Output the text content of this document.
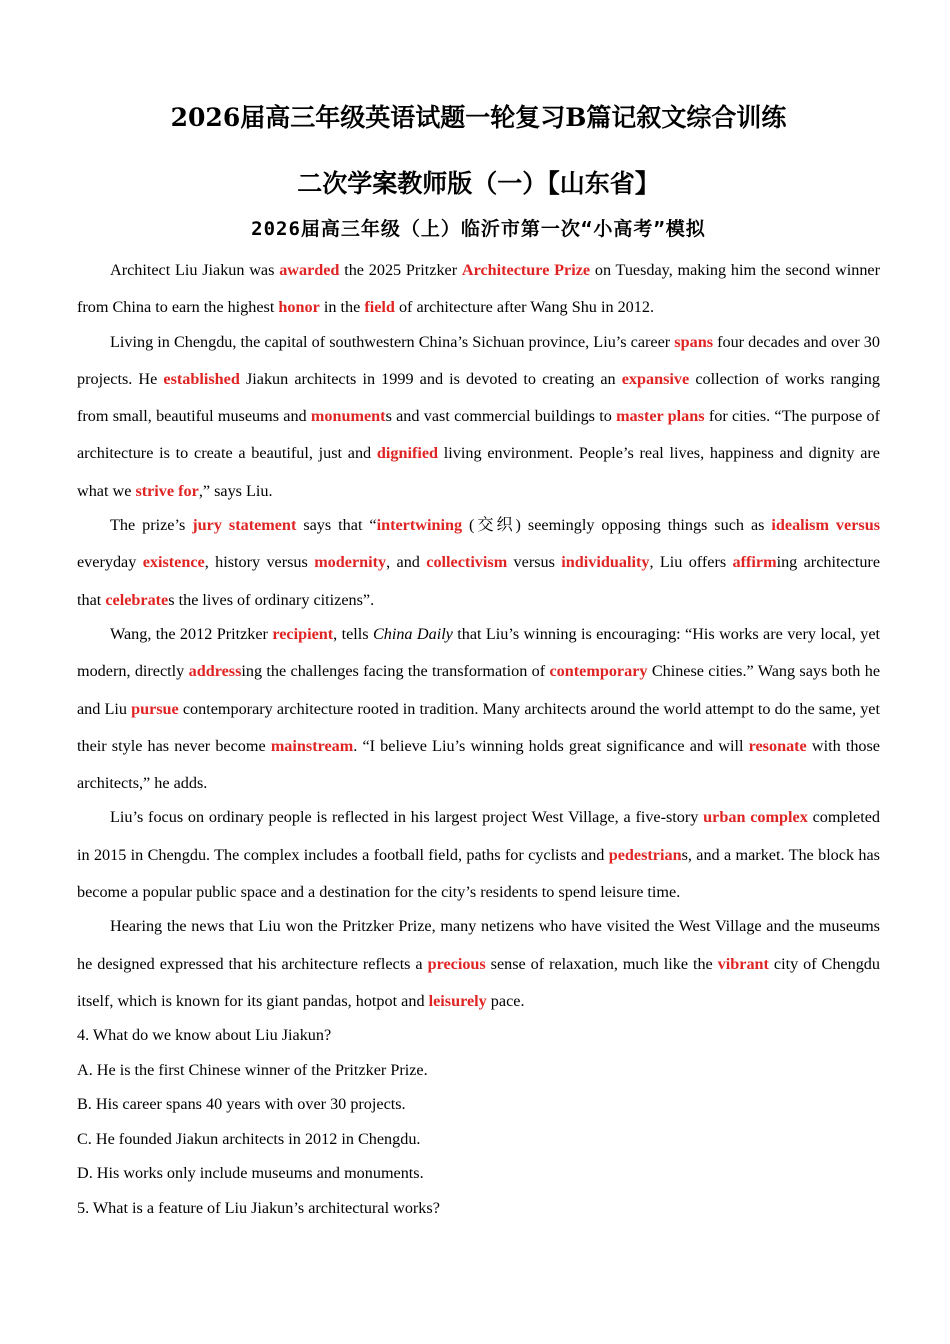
2026届高三年级英语试题一轮复习B篇记叙文综合训练
二次学案教师版（一）【山东省】
2026届高三年级（上）临沂市第一次“小高考”模拟

Architect Liu Jiakun was awarded the 2025 Pritzker Architecture Prize on Tuesday, making him the second winner from China to earn the highest honor in the field of architecture after Wang Shu in 2012.

Living in Chengdu, the capital of southwestern China’s Sichuan province, Liu’s career spans four decades and over 30 projects. He established Jiakun architects in 1999 and is devoted to creating an expansive collection of works ranging from small, beautiful museums and monuments and vast commercial buildings to master plans for cities. “The purpose of architecture is to create a beautiful, just and dignified living environment. People’s real lives, happiness and dignity are what we strive for,” says Liu.

The prize’s jury statement says that “intertwining (交织) seemingly opposing things such as idealism versus everyday existence, history versus modernity, and collectivism versus individuality, Liu offers affirming architecture that celebrates the lives of ordinary citizens”.

Wang, the 2012 Pritzker recipient, tells China Daily that Liu’s winning is encouraging: “His works are very local, yet modern, directly addressing the challenges facing the transformation of contemporary Chinese cities.” Wang says both he and Liu pursue contemporary architecture rooted in tradition. Many architects around the world attempt to do the same, yet their style has never become mainstream. “I believe Liu’s winning holds great significance and will resonate with those architects,” he adds.

Liu’s focus on ordinary people is reflected in his largest project West Village, a five-story urban complex completed in 2015 in Chengdu. The complex includes a football field, paths for cyclists and pedestrians, and a market. The block has become a popular public space and a destination for the city’s residents to spend leisure time.

Hearing the news that Liu won the Pritzker Prize, many netizens who have visited the West Village and the museums he designed expressed that his architecture reflects a precious sense of relaxation, much like the vibrant city of Chengdu itself, which is known for its giant pandas, hotpot and leisurely pace.

4. What do we know about Liu Jiakun?

A. He is the first Chinese winner of the Pritzker Prize.

B. His career spans 40 years with over 30 projects.

C. He founded Jiakun architects in 2012 in Chengdu.

D. His works only include museums and monuments.

5. What is a feature of Liu Jiakun’s architectural works?
